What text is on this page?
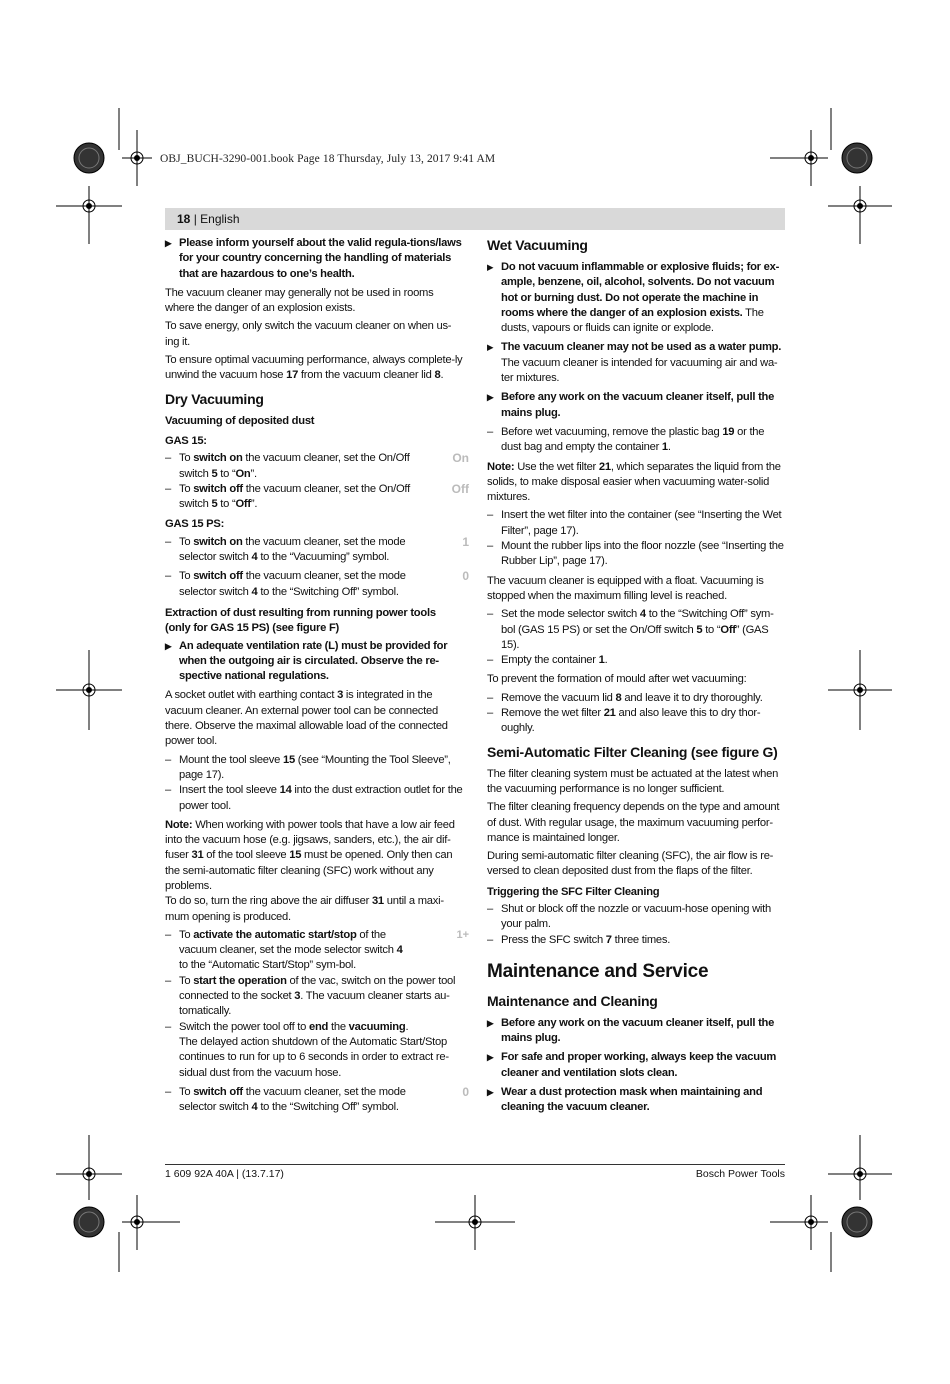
OBJ_BUCH-3290-001.book Page 18 Thursday, July 13, 2017 9:41 AM
18 | English
▶ Please inform yourself about the valid regula-tions/laws for your country concerning the handling of materials that are hazardous to one’s health.

The vacuum cleaner may generally not be used in rooms where the danger of an explosion exists.

To save energy, only switch the vacuum cleaner on when us-ing it.

To ensure optimal vacuuming performance, always complete-ly unwind the vacuum hose 17 from the vacuum cleaner lid 8.

Dry Vacuuming
Vacuuming of deposited dust
GAS 15:
– To switch on the vacuum cleaner, set the On/Off switch 5 to “On”.
On
– To switch off the vacuum cleaner, set the On/Off switch 5 to “Off”.
Off
GAS 15 PS:
– To switch on the vacuum cleaner, set the mode selector switch 4 to the “Vacuuming” symbol.
1
– To switch off the vacuum cleaner, set the mode selector switch 4 to the “Switching Off” symbol.
0
Extraction of dust resulting from running power tools (only for GAS 15 PS) (see figure F)
▶ An adequate ventilation rate (L) must be provided for when the outgoing air is circulated. Observe the re-spective national regulations.

A socket outlet with earthing contact 3 is integrated in the vacuum cleaner. An external power tool can be connected there. Observe the maximal allowable load of the connected power tool.

– Mount the tool sleeve 15 (see “Mounting the Tool Sleeve”, page 17).
– Insert the tool sleeve 14 into the dust extraction outlet for the power tool.

Note: When working with power tools that have a low air feed into the vacuum hose (e.g. jigsaws, sanders, etc.), the air dif-fuser 31 of the tool sleeve 15 must be opened. Only then can the semi-automatic filter cleaning (SFC) work without any problems.

To do so, turn the ring above the air diffuser 31 until a maxi-mum opening is produced.

– To activate the automatic start/stop of the vacuum cleaner, set the mode selector switch 4 to the “Automatic Start/Stop” sym-bol.
1+
– To start the operation of the vac, switch on the power tool connected to the socket 3. The vacuum cleaner starts au-tomatically.
– Switch the power tool off to end the vacuuming.
The delayed action shutdown of the Automatic Start/Stop continues to run for up to 6 seconds in order to extract re-sidual dust from the vacuum hose.
– To switch off the vacuum cleaner, set the mode selector switch 4 to the “Switching Off” symbol.
0
Wet Vacuuming
▶ Do not vacuum inflammable or explosive fluids; for ex-ample, benzene, oil, alcohol, solvents. Do not vacuum hot or burning dust. Do not operate the machine in rooms where the danger of an explosion exists. The dusts, vapours or fluids can ignite or explode.
▶ The vacuum cleaner may not be used as a water pump. The vacuum cleaner is intended for vacuuming air and wa-ter mixtures.
▶ Before any work on the vacuum cleaner itself, pull the mains plug.
– Before wet vacuuming, remove the plastic bag 19 or the dust bag and empty the container 1.

Note: Use the wet filter 21, which separates the liquid from the solids, to make disposal easier when vacuuming water-solid mixtures.

– Insert the wet filter into the container (see “Inserting the Wet Filter”, page 17).
– Mount the rubber lips into the floor nozzle (see “Inserting the Rubber Lip”, page 17).

The vacuum cleaner is equipped with a float. Vacuuming is stopped when the maximum filling level is reached.

– Set the mode selector switch 4 to the “Switching Off” sym-bol (GAS 15 PS) or set the On/Off switch 5 to “Off” (GAS 15).
– Empty the container 1.

To prevent the formation of mould after wet vacuuming:

– Remove the vacuum lid 8 and leave it to dry thoroughly.
– Remove the wet filter 21 and also leave this to dry thor-oughly.
Semi-Automatic Filter Cleaning (see figure G)

The filter cleaning system must be actuated at the latest when the vacuuming performance is no longer sufficient.

The filter cleaning frequency depends on the type and amount of dust. With regular usage, the maximum vacuuming perfor-mance is maintained longer.

During semi-automatic filter cleaning (SFC), the air flow is re-versed to clean deposited dust from the flaps of the filter.

Triggering the SFC Filter Cleaning
– Shut or block off the nozzle or vacuum-hose opening with your palm.
– Press the SFC switch 7 three times.
Maintenance and Service
Maintenance and Cleaning
▶ Before any work on the vacuum cleaner itself, pull the mains plug.
▶ For safe and proper working, always keep the vacuum cleaner and ventilation slots clean.
▶ Wear a dust protection mask when maintaining and cleaning the vacuum cleaner.
1 609 92A 40A | (13.7.17)	Bosch Power Tools
